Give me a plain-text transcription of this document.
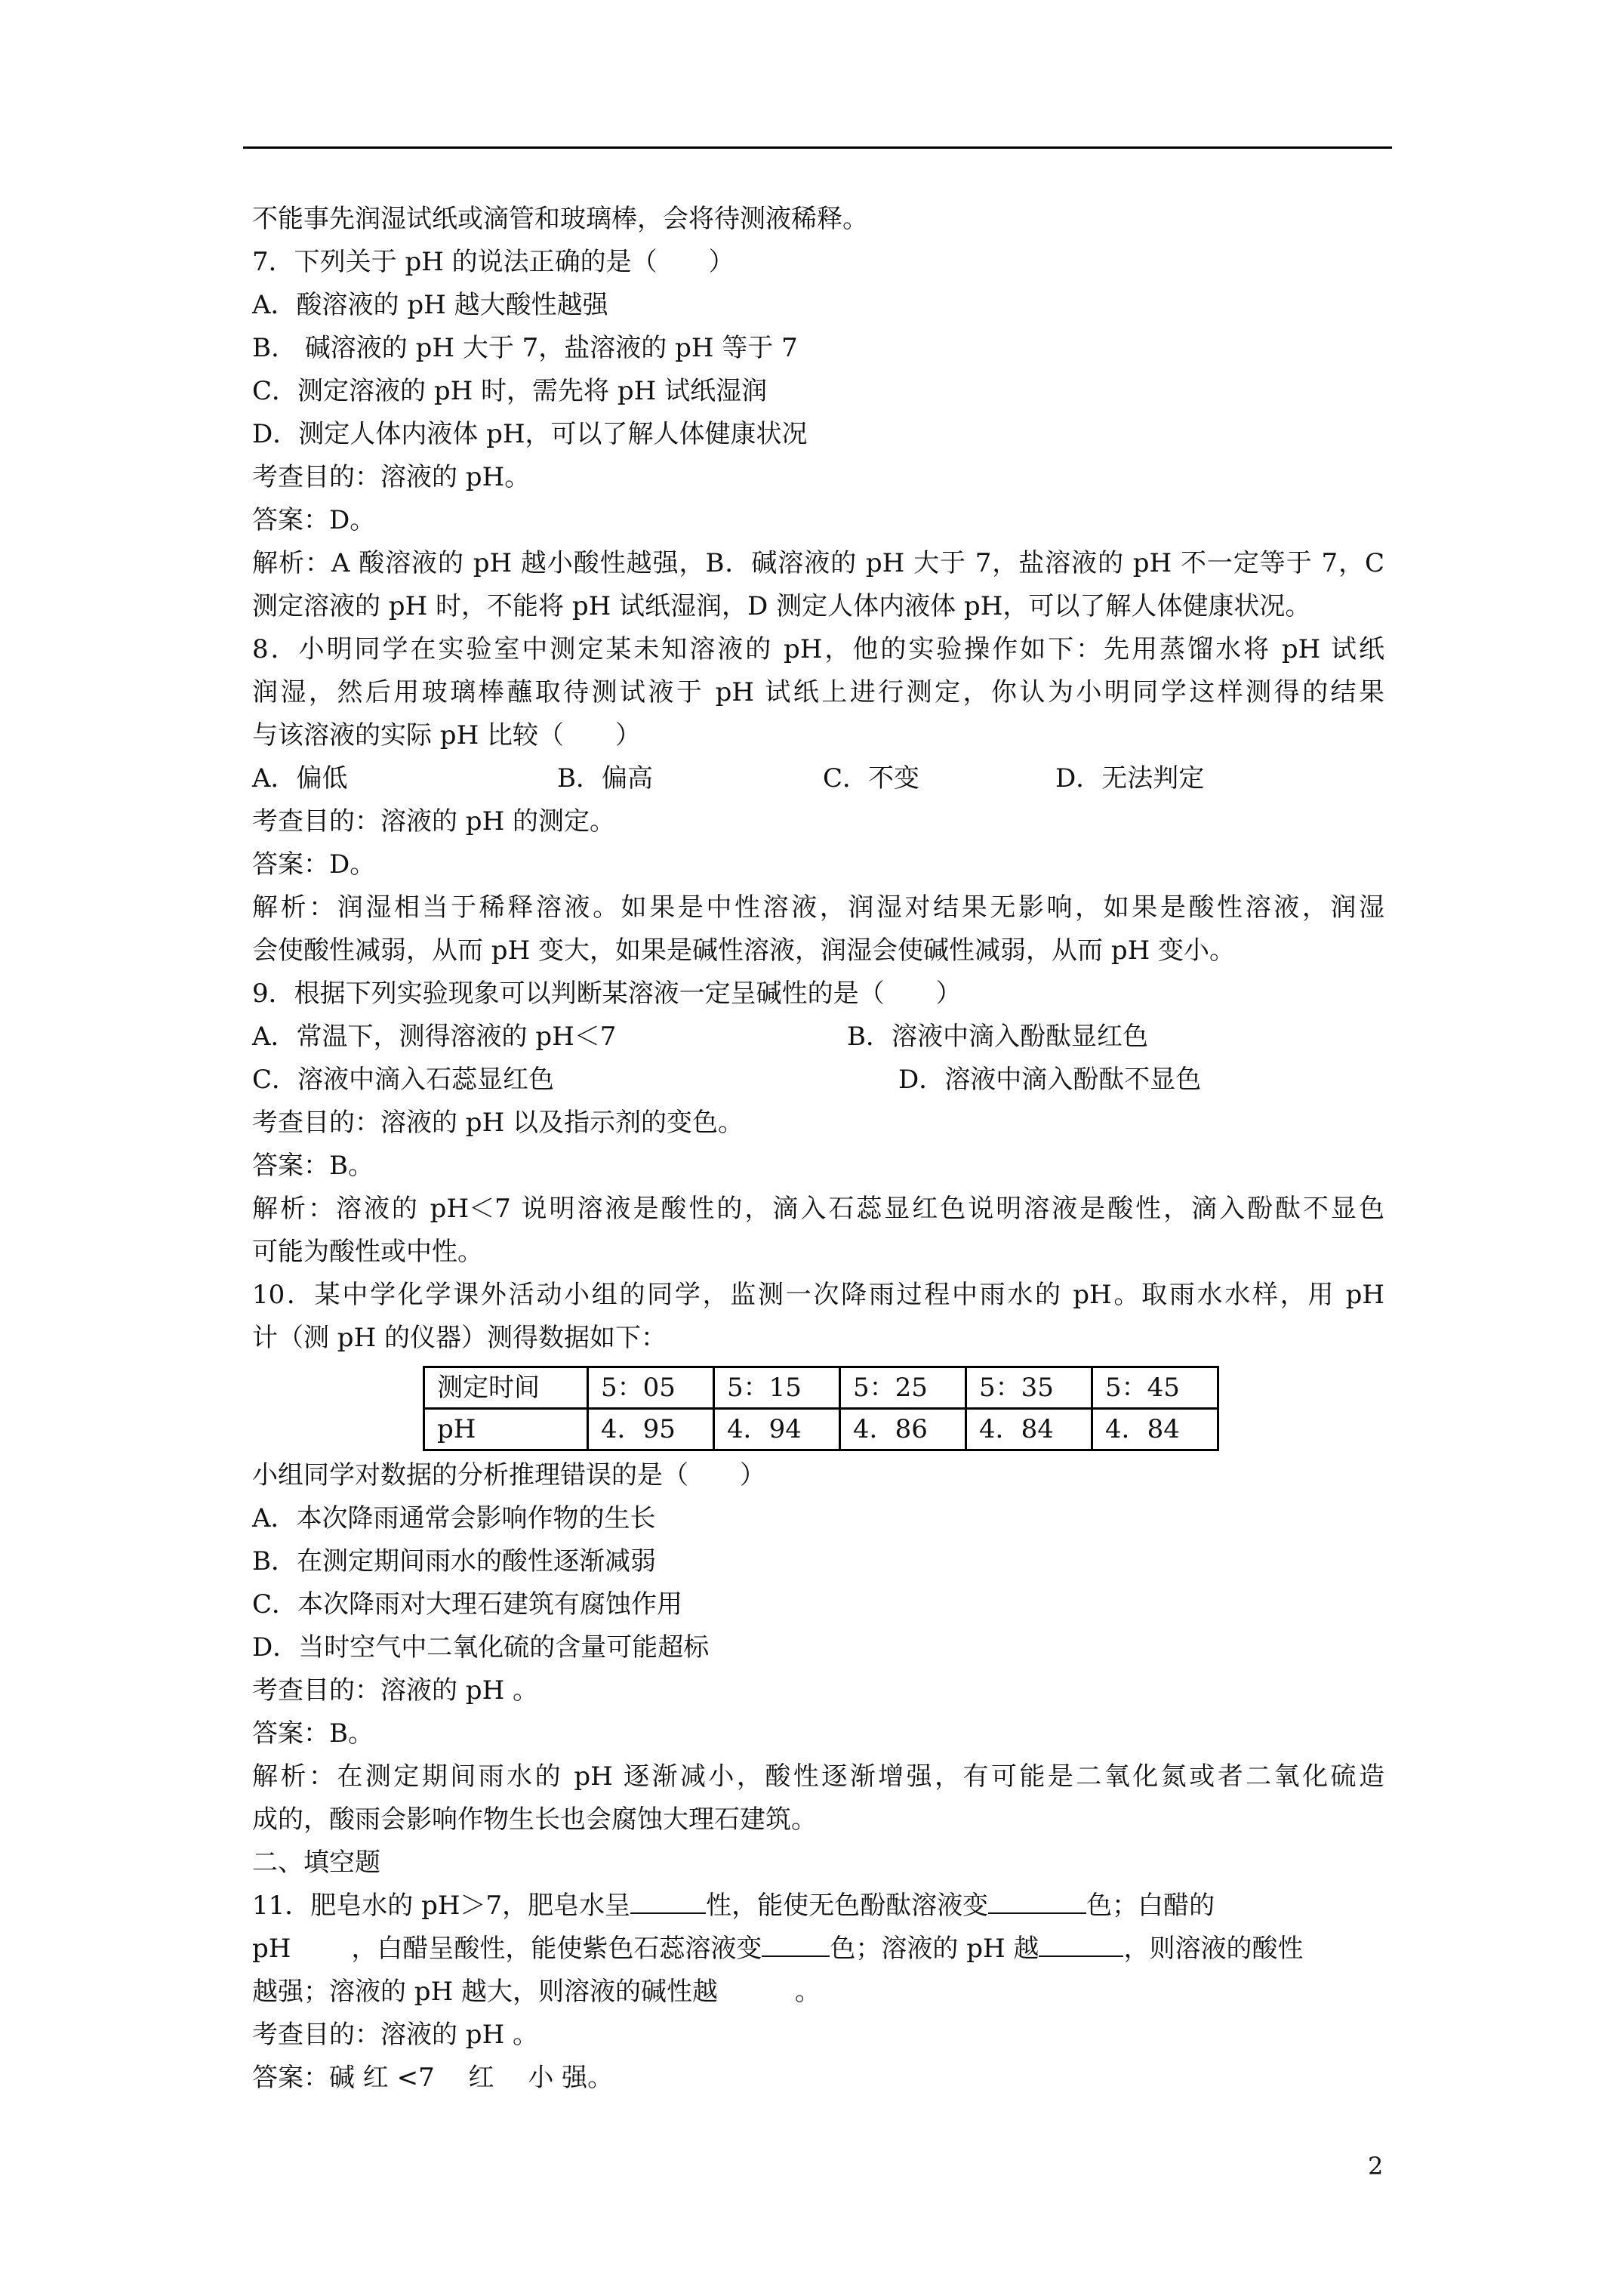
不能事先润湿试纸或滴管和玻璃棒，会将待测液稀释。
7．下列关于 pH 的说法正确的是（　　）
A．酸溶液的 pH 越大酸性越强
B.　碱溶液的 pH 大于 7，盐溶液的 pH 等于 7
C．测定溶液的 pH 时，需先将 pH 试纸湿润
D．测定人体内液体 pH，可以了解人体健康状况
考查目的：溶液的 pH。
答案：D。
解析：A 酸溶液的 pH 越小酸性越强，B．碱溶液的 pH 大于 7，盐溶液的 pH 不一定等于 7，C
测定溶液的 pH 时，不能将 pH 试纸湿润，D 测定人体内液体 pH，可以了解人体健康状况。
8．小明同学在实验室中测定某未知溶液的 pH，他的实验操作如下：先用蒸馏水将 pH 试纸
润湿，然后用玻璃棒蘸取待测试液于 pH 试纸上进行测定，你认为小明同学这样测得的结果
与该溶液的实际 pH 比较（　　）

A．偏低

	B．偏高

	C．不变

	D．无法判定

考查目的：溶液的 pH 的测定。
答案：D。
解析：润湿相当于稀释溶液。如果是中性溶液，润湿对结果无影响，如果是酸性溶液，润湿
会使酸性减弱，从而 pH 变大，如果是碱性溶液，润湿会使碱性减弱，从而 pH 变小。
9．根据下列实验现象可以判断某溶液一定呈碱性的是（　　）

A．常温下，测得溶液的 pH＜7

	B．溶液中滴入酚酞显红色

C．溶液中滴入石蕊显红色

	D．溶液中滴入酚酞不显色

考查目的：溶液的 pH 以及指示剂的变色。
答案：B。
解析：溶液的 pH＜7 说明溶液是酸性的，滴入石蕊显红色说明溶液是酸性，滴入酚酞不显色
可能为酸性或中性。
10．某中学化学课外活动小组的同学，监测一次降雨过程中雨水的 pH。取雨水水样，用 pH
计（测 pH 的仪器）测得数据如下：
测定时间	5：05	5：15	5：25	5：35	5：45
pH	4．95	4．94	4．86	4．84	4．84
小组同学对数据的分析推理错误的是（　　）
A．本次降雨通常会影响作物的生长
B．在测定期间雨水的酸性逐渐减弱
C．本次降雨对大理石建筑有腐蚀作用
D．当时空气中二氧化硫的含量可能超标
考查目的：溶液的 pH 。
答案：B。
解析：在测定期间雨水的 pH 逐渐减小，酸性逐渐增强，有可能是二氧化氮或者二氧化硫造
成的，酸雨会影响作物生长也会腐蚀大理石建筑。
二、填空题
11．肥皂水的 pH＞7，肥皂水呈	性，能使无色酚酞溶液变	色；白醋的
pH ，白醋呈酸性，能使紫色石蕊溶液变	色；溶液的 pH 越	，则溶液的酸性
越强；溶液的 pH 越大，则溶液的碱性越　　　。
考查目的：溶液的 pH 。
答案：碱 红 <7　 红　 小 强。
2
